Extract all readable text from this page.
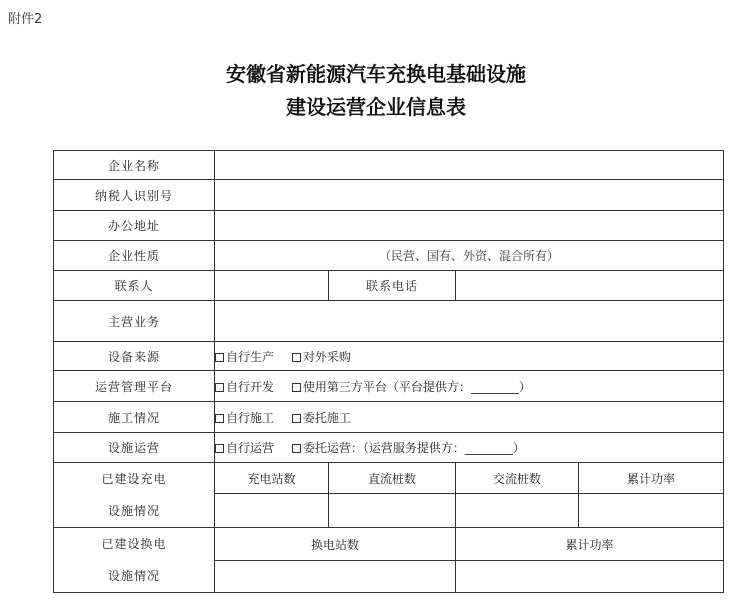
附件2
安徽省新能源汽车充换电基础设施
建设运营企业信息表
企业名称				
纳税人识别号				
办公地址				
企业性质	（民营、国有、外资、混合所有）			
联系人		联系电话		
主营业务				
设备来源	自行生产 对外采购			
运营管理平台	自行开发 使用第三方平台（平台提供方：________）			
施工情况	自行施工 委托施工			
设施运营	自行运营 委托运营：（运营服务提供方：________）			

已建设充电
设施情况	充电站数	直流桩数	交流桩数	累计功率

已建设换电
设施情况	换电站数		累计功率	
